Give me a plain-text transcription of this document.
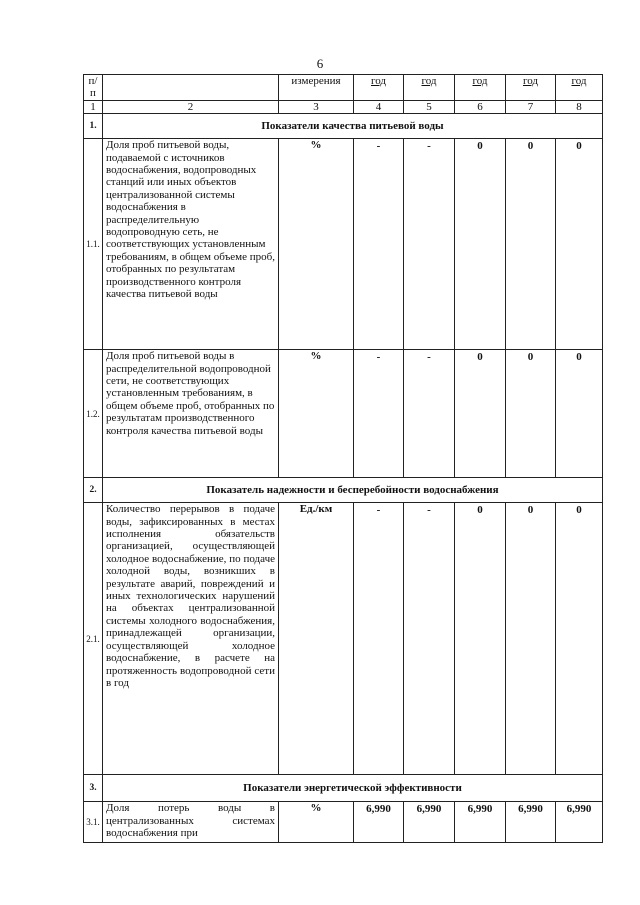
6
п/п		измерения	год	год	год	год	год
1	2	3	4	5	6	7	8
1.	Показатели качества питьевой воды						
1.1.	Доля проб питьевой воды, подаваемой с источников водоснабжения, водопроводных станций или иных объектов централизованной системы водоснабжения в распределительную водопроводную сеть, не соответствующих установленным требованиям, в общем объеме проб, отобранных по результатам производственного контроля качества питьевой воды	%	-	-	0	0	0
1.2.	Доля проб питьевой воды в распределительной водопроводной сети, не соответствующих установленным требованиям, в общем объеме проб, отобранных по результатам производственного контроля качества питьевой воды	%	-	-	0	0	0
2.	Показатель надежности и бесперебойности водоснабжения						
2.1.	Количество перерывов в подаче воды, зафиксированных в местах исполнения обязательств организацией, осуществляющей холодное водоснабжение, по подаче холодной воды, возникших в результате аварий, повреждений и иных технологических нарушений на объектах централизованной системы холодного водоснабжения, принадлежащей организации, осуществляющей холодное водоснабжение, в расчете на протяженность водопроводной сети в год	Ед./км	-	-	0	0	0
3.	Показатели энергетической эффективности						
3.1.	Доля потерь воды в централизованных системах водоснабжения при	%	6,990	6,990	6,990	6,990	6,990
